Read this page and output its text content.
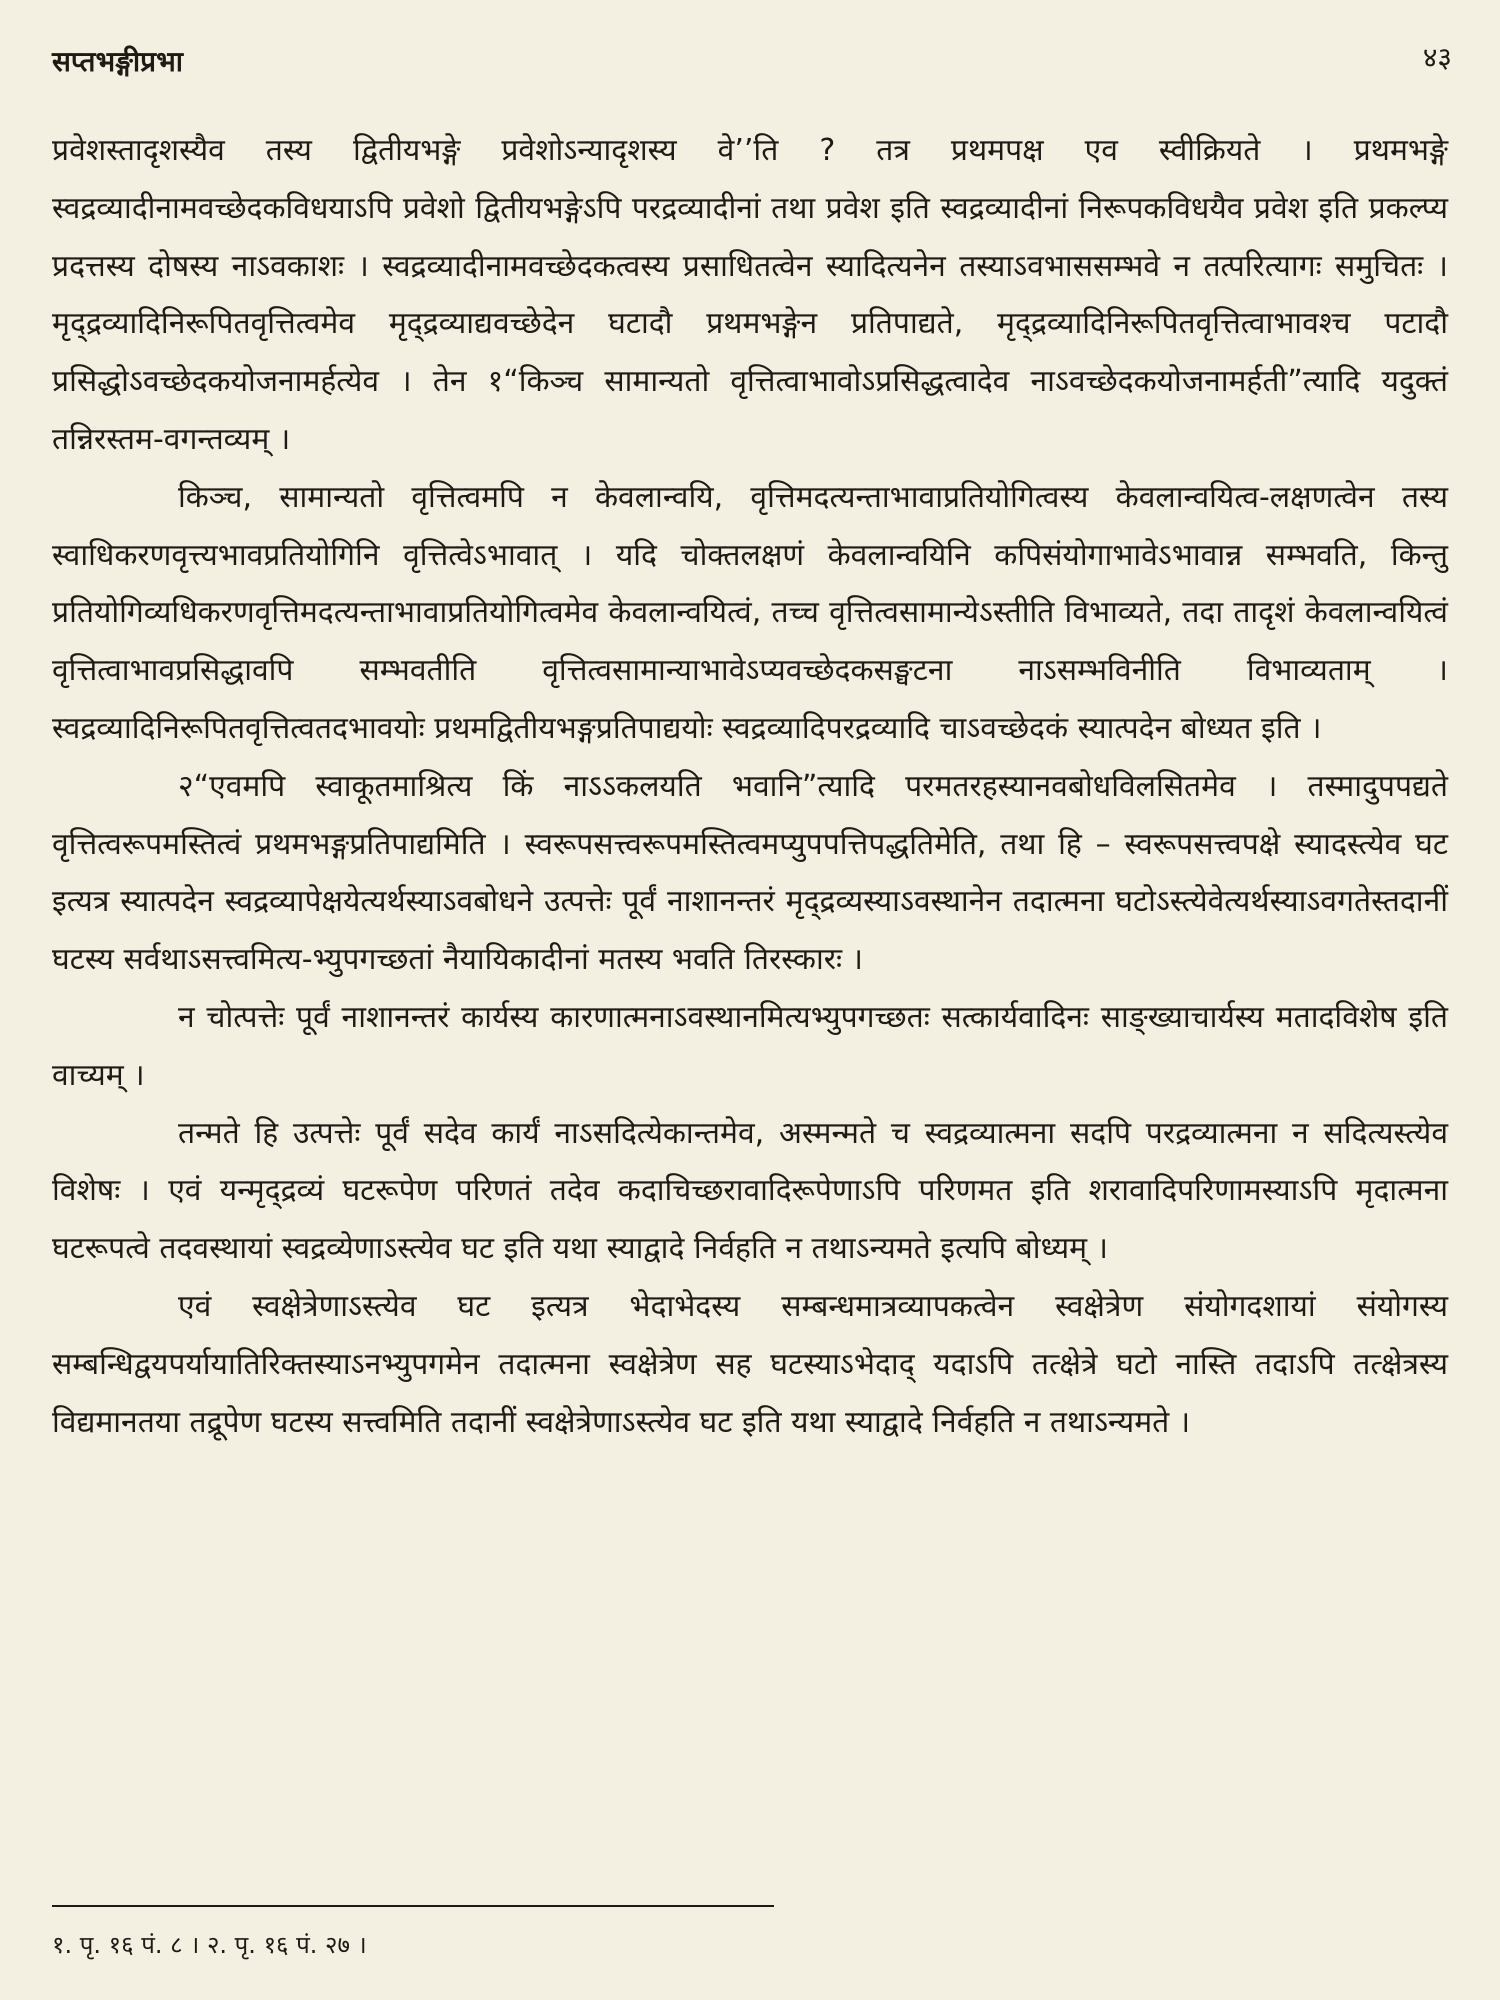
सप्तभङ्गीप्रभा	४३

प्रवेशस्तादृशस्यैव तस्य द्वितीयभङ्गे प्रवेशोऽन्यादृशस्य वे’’ति ? तत्र प्रथमपक्ष एव स्वीक्रियते । प्रथमभङ्गे स्वद्रव्यादीनामवच्छेदकविधयाऽपि प्रवेशो द्वितीयभङ्गेऽपि परद्रव्यादीनां तथा प्रवेश इति स्वद्रव्यादीनां निरूपकविधयैव प्रवेश इति प्रकल्प्य प्रदत्तस्य दोषस्य नाऽवकाशः । स्वद्रव्यादीनामवच्छेदकत्वस्य प्रसाधितत्वेन स्यादित्यनेन तस्याऽवभाससम्भवे न तत्परित्यागः समुचितः । मृद्द्रव्यादिनिरूपितवृत्तित्वमेव मृद्द्रव्याद्यवच्छेदेन घटादौ प्रथमभङ्गेन प्रतिपाद्यते, मृद्द्रव्यादिनिरूपितवृत्तित्वाभावश्च पटादौ प्रसिद्धोऽवच्छेदकयोजनामर्हत्येव । तेन १“किञ्च सामान्यतो वृत्तित्वाभावोऽप्रसिद्धत्वादेव नाऽवच्छेदकयोजनामर्हती”त्यादि यदुक्तं तन्निरस्तम-वगन्तव्यम् ।

किञ्च, सामान्यतो वृत्तित्वमपि न केवलान्वयि, वृत्तिमदत्यन्ताभावाप्रतियोगित्वस्य केवलान्वयित्व-लक्षणत्वेन तस्य स्वाधिकरणवृत्त्यभावप्रतियोगिनि वृत्तित्वेऽभावात् । यदि चोक्तलक्षणं केवलान्वयिनि कपिसंयोगाभावेऽभावान्न सम्भवति, किन्तु प्रतियोगिव्यधिकरणवृत्तिमदत्यन्ताभावाप्रतियोगित्वमेव केवलान्वयित्वं, तच्च वृत्तित्वसामान्येऽस्तीति विभाव्यते, तदा तादृशं केवलान्वयित्वं वृत्तित्वाभावप्रसिद्धावपि सम्भवतीति वृत्तित्वसामान्याभावेऽप्यवच्छेदकसङ्घटना नाऽसम्भविनीति विभाव्यताम् । स्वद्रव्यादिनिरूपितवृत्तित्वतदभावयोः प्रथमद्वितीयभङ्गप्रतिपाद्ययोः स्वद्रव्यादिपरद्रव्यादि चाऽवच्छेदकं स्यात्पदेन बोध्यत इति ।

२“एवमपि स्वाकूतमाश्रित्य किं नाऽऽकलयति भवानि”त्यादि परमतरहस्यानवबोधविलसितमेव । तस्मादुपपद्यते वृत्तित्वरूपमस्तित्वं प्रथमभङ्गप्रतिपाद्यमिति । स्वरूपसत्त्वरूपमस्तित्वमप्युपपत्तिपद्धतिमेति, तथा हि – स्वरूपसत्त्वपक्षे स्यादस्त्येव घट इत्यत्र स्यात्पदेन स्वद्रव्यापेक्षयेत्यर्थस्याऽवबोधने उत्पत्तेः पूर्वं नाशानन्तरं मृद्द्रव्यस्याऽवस्थानेन तदात्मना घटोऽस्त्येवेत्यर्थस्याऽवगतेस्तदानीं घटस्य सर्वथाऽसत्त्वमित्य-भ्युपगच्छतां नैयायिकादीनां मतस्य भवति तिरस्कारः ।

न चोत्पत्तेः पूर्वं नाशानन्तरं कार्यस्य कारणात्मनाऽवस्थानमित्यभ्युपगच्छतः सत्कार्यवादिनः साङ्ख्याचार्यस्य मतादविशेष इति वाच्यम् ।

तन्मते हि उत्पत्तेः पूर्वं सदेव कार्यं नाऽसदित्येकान्तमेव, अस्मन्मते च स्वद्रव्यात्मना सदपि परद्रव्यात्मना न सदित्यस्त्येव विशेषः । एवं यन्मृद्द्रव्यं घटरूपेण परिणतं तदेव कदाचिच्छरावादिरूपेणाऽपि परिणमत इति शरावादिपरिणामस्याऽपि मृदात्मना घटरूपत्वे तदवस्थायां स्वद्रव्येणाऽस्त्येव घट इति यथा स्याद्वादे निर्वहति न तथाऽन्यमते इत्यपि बोध्यम् ।

एवं स्वक्षेत्रेणाऽस्त्येव घट इत्यत्र भेदाभेदस्य सम्बन्धमात्रव्यापकत्वेन स्वक्षेत्रेण संयोगदशायां संयोगस्य सम्बन्धिद्वयपर्यायातिरिक्तस्याऽनभ्युपगमेन तदात्मना स्वक्षेत्रेण सह घटस्याऽभेदाद् यदाऽपि तत्क्षेत्रे घटो नास्ति तदाऽपि तत्क्षेत्रस्य विद्यमानतया तद्रूपेण घटस्य सत्त्वमिति तदानीं स्वक्षेत्रेणाऽस्त्येव घट इति यथा स्याद्वादे निर्वहति न तथाऽन्यमते ।

१. पृ. १६ पं. ८ । २. पृ. १६ पं. २७ ।
